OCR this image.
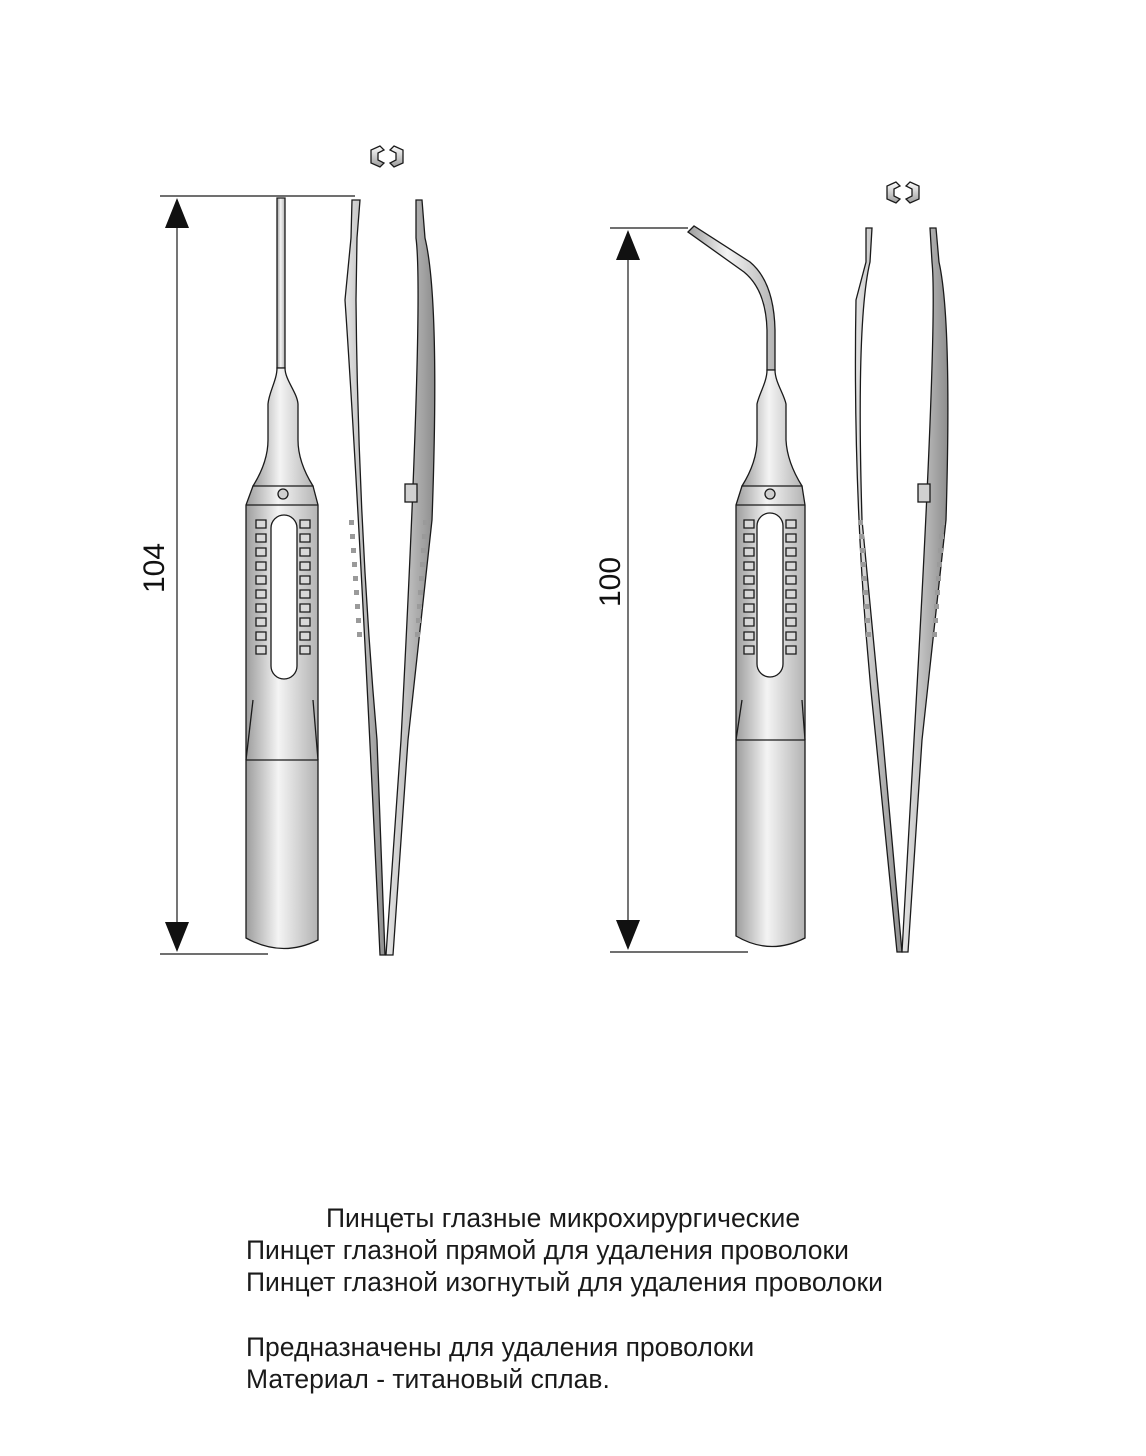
104	100
Пинцеты глазные микрохирургические
Пинцет глазной прямой для удаления проволоки
Пинцет глазной изогнутый для удаления проволоки
Предназначены для удаления проволоки
Материал - титановый сплав.
